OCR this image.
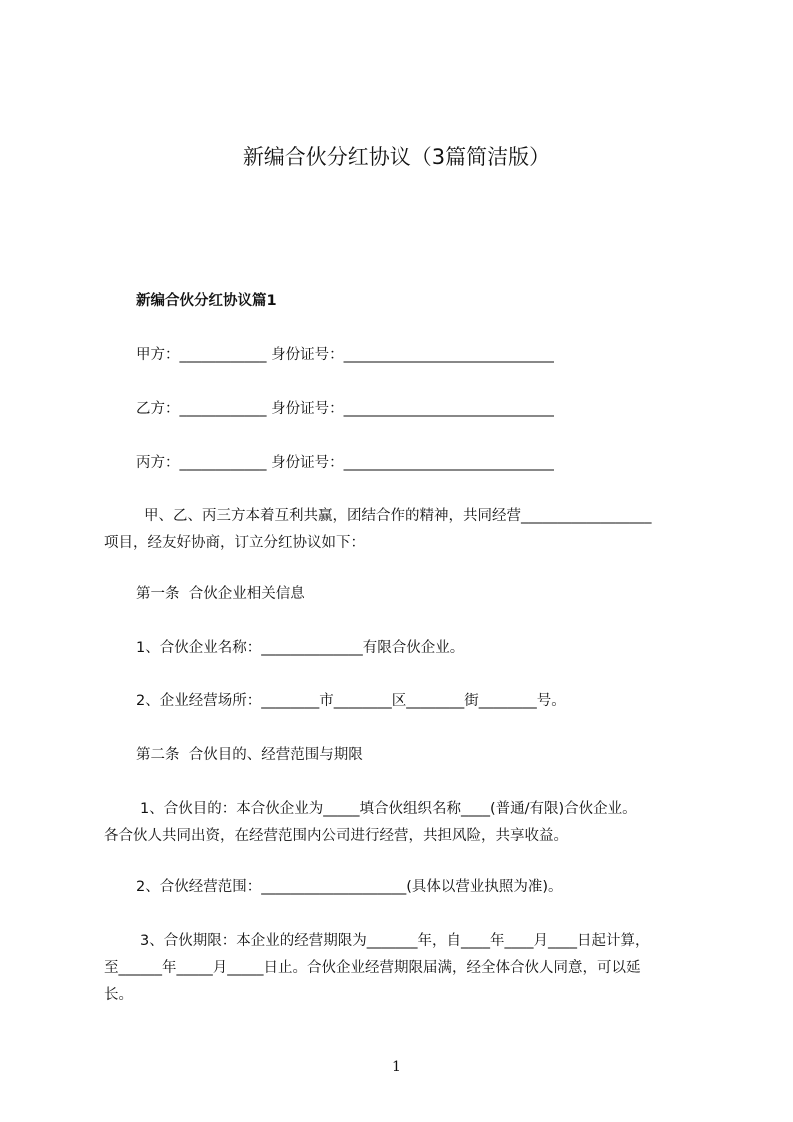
新编合伙分红协议（3篇简洁版）
新编合伙分红协议篇1
甲方：____________ 身份证号：_____________________________
乙方：____________ 身份证号：_____________________________
丙方：____________ 身份证号：_____________________________
甲、乙、丙三方本着互利共赢，团结合作的精神，共同经营__________________
项目，经友好协商，订立分红协议如下：
第一条  合伙企业相关信息
1、合伙企业名称：______________有限合伙企业。
2、企业经营场所：________市________区________街________号。
第二条  合伙目的、经营范围与期限
1、合伙目的：本合伙企业为_____填合伙组织名称____(普通/有限)合伙企业。
各合伙人共同出资，在经营范围内公司进行经营，共担风险，共享收益。
2、合伙经营范围：____________________(具体以营业执照为准)。
3、合伙期限：本企业的经营期限为_______年，自____年____月____日起计算，
至______年_____月_____日止。合伙企业经营期限届满，经全体合伙人同意，可以延
长。
1
